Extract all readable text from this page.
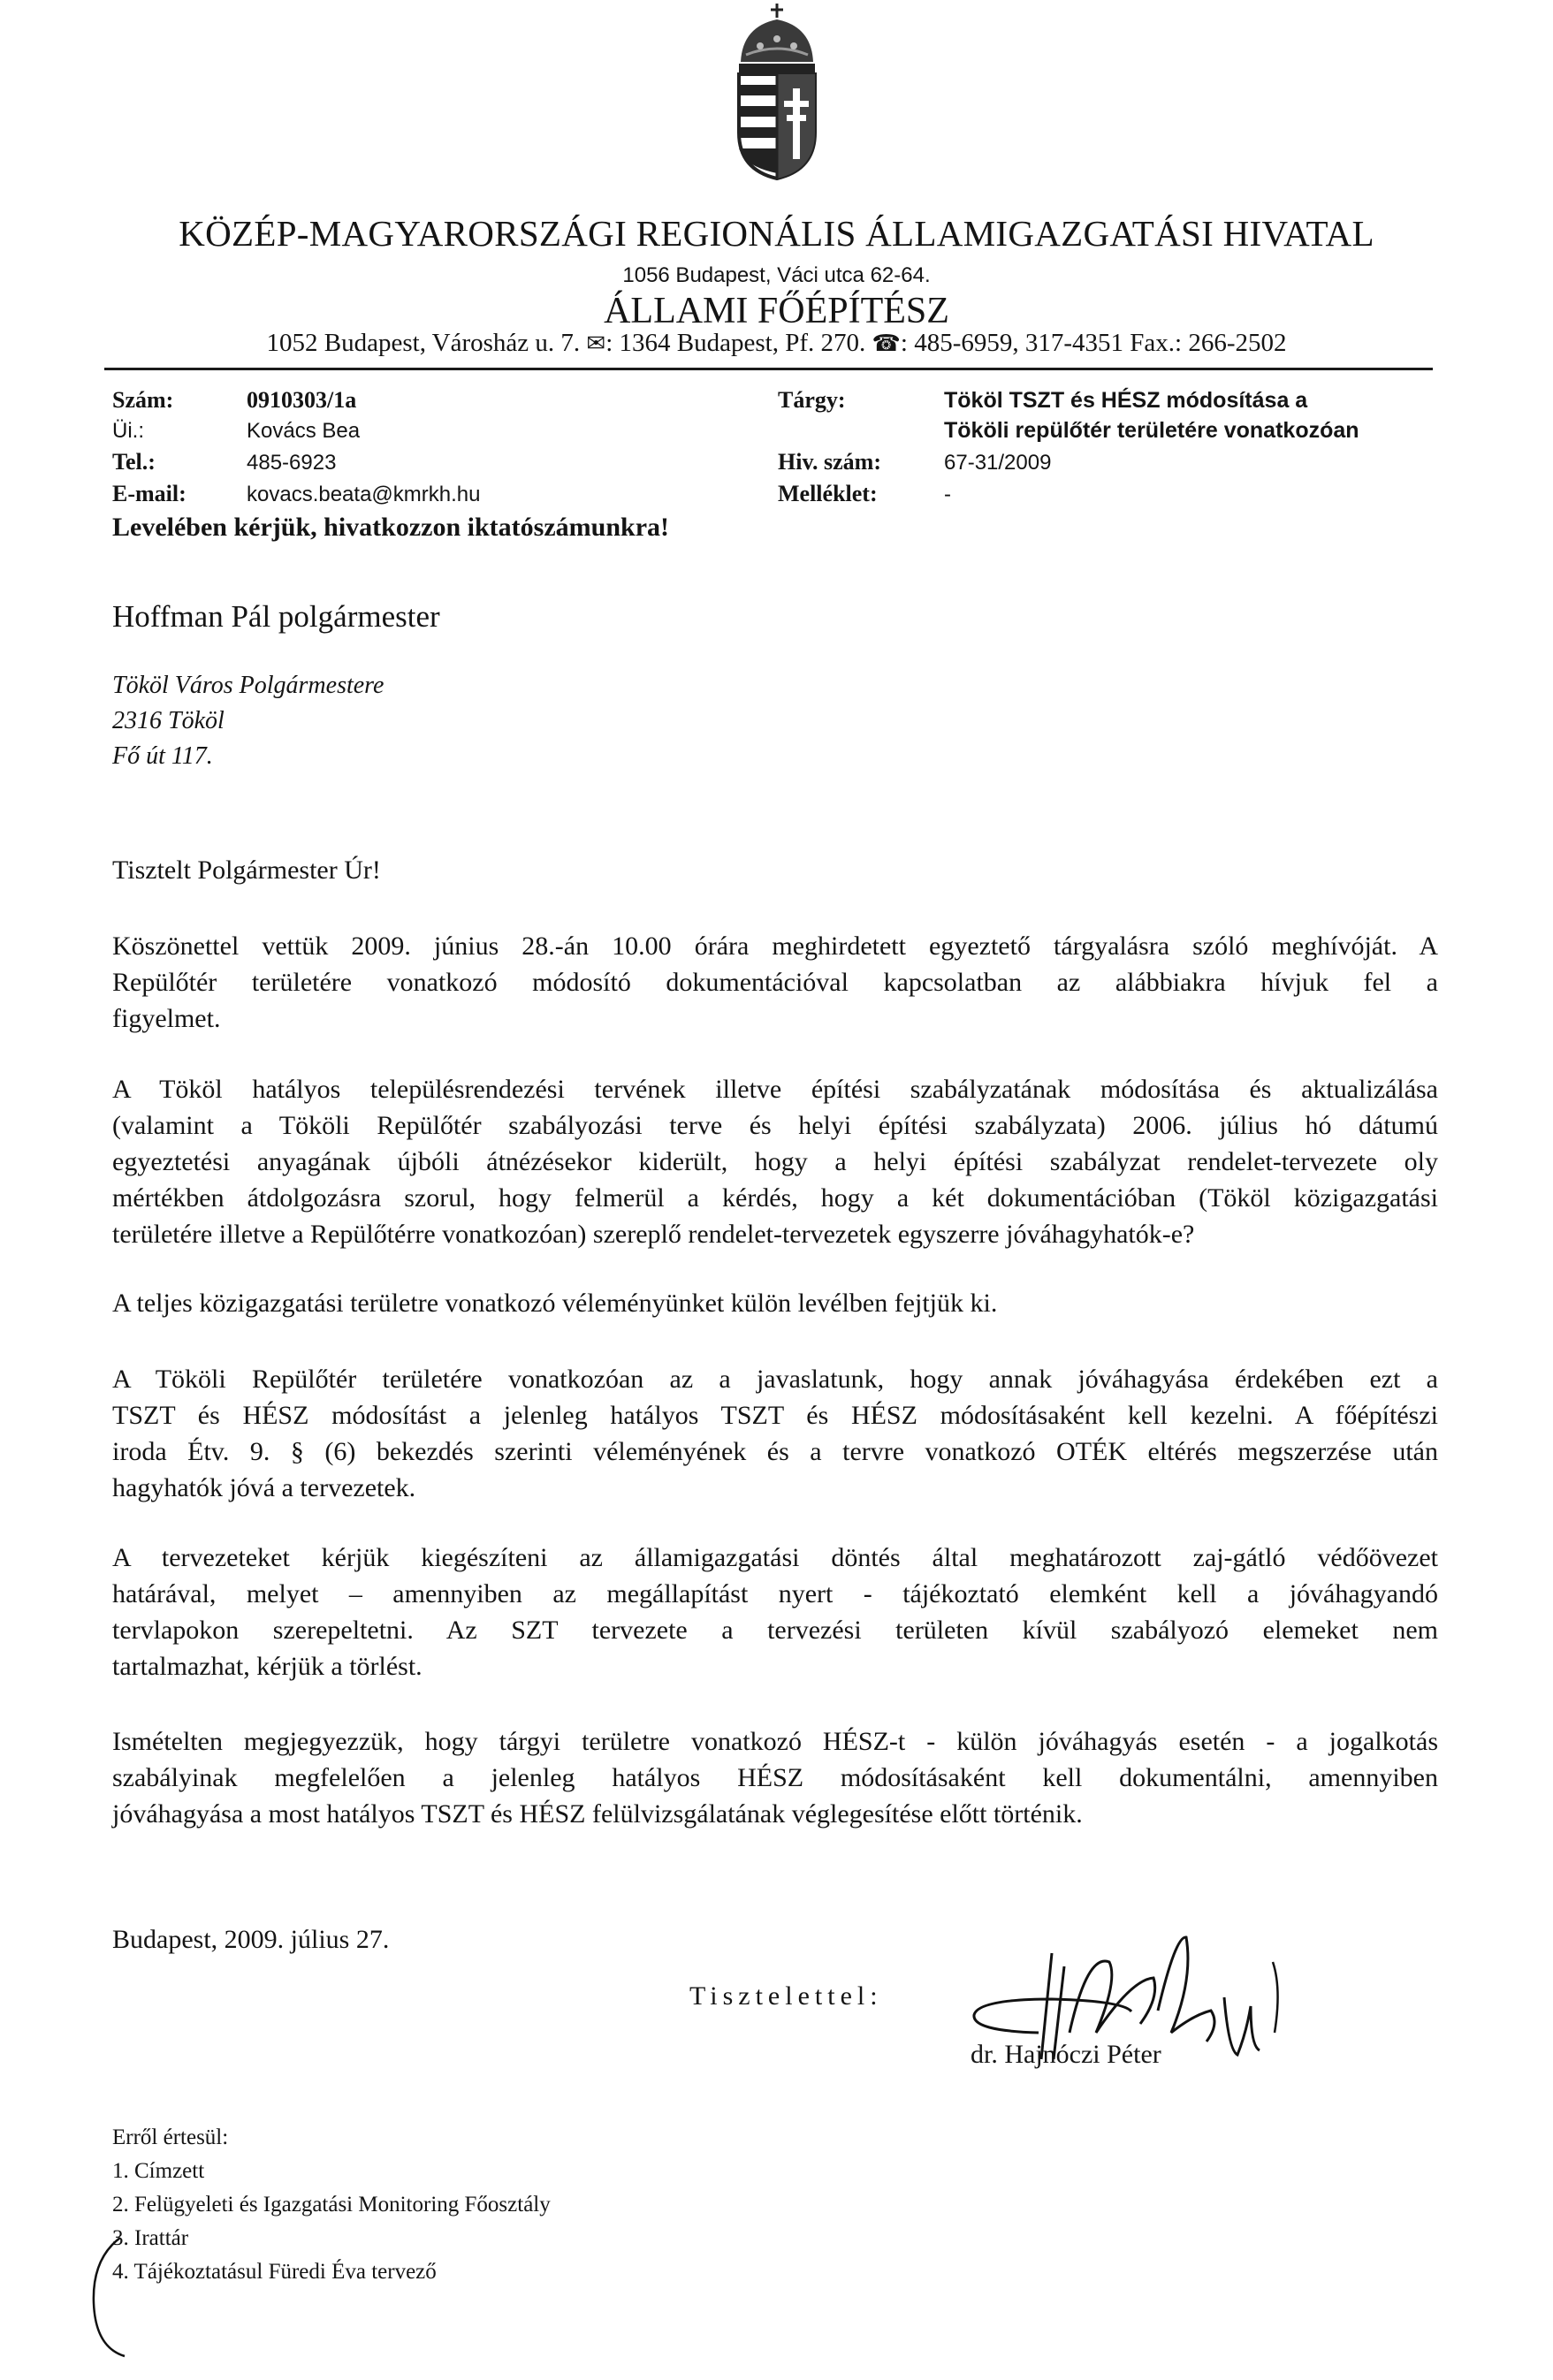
KÖZÉP-MAGYARORSZÁGI REGIONÁLIS ÁLLAMIGAZGATÁSI HIVATAL
1056 Budapest, Váci utca 62-64.
ÁLLAMI FŐÉPÍTÉSZ
1052 Budapest, Városház u. 7. ✉: 1364 Budapest, Pf. 270. ☎: 485-6959, 317-4351 Fax.: 266-2502
Szám:	0910303/1a
Üi.:	Kovács Bea
Tel.:	485-6923
E-mail:	kovacs.beata@kmrkh.hu
Levelében kérjük, hivatkozzon iktatószámunkra!
Tárgy:	Tököl TSZT és HÉSZ módosítása a
Tököli repülőtér területére vonatkozóan
Hiv. szám:	67-31/2009
Melléklet:	-
Hoffman Pál polgármester
Tököl Város Polgármestere
2316 Tököl
Fő út 117.
Tisztelt Polgármester Úr!
Köszönettel vettük 2009. június 28.-án 10.00 órára meghirdetett egyeztető tárgyalásra szóló meghívóját. A
Repülőtér területére vonatkozó módosító dokumentációval kapcsolatban az alábbiakra hívjuk fel a
figyelmet.
A Tököl hatályos településrendezési tervének illetve építési szabályzatának módosítása és aktualizálása
(valamint a Tököli Repülőtér szabályozási terve és helyi építési szabályzata) 2006. július hó dátumú
egyeztetési anyagának újbóli átnézésekor kiderült, hogy a helyi építési szabályzat rendelet-tervezete oly
mértékben átdolgozásra szorul, hogy felmerül a kérdés, hogy a két dokumentációban (Tököl közigazgatási
területére illetve a Repülőtérre vonatkozóan) szereplő rendelet-tervezetek egyszerre jóváhagyhatók-e?
A teljes közigazgatási területre vonatkozó véleményünket külön levélben fejtjük ki.
A Tököli Repülőtér területére vonatkozóan az a javaslatunk, hogy annak jóváhagyása érdekében ezt a
TSZT és HÉSZ módosítást a jelenleg hatályos TSZT és HÉSZ módosításaként kell kezelni. A főépítészi
iroda Étv. 9. § (6) bekezdés szerinti véleményének és a tervre vonatkozó OTÉK eltérés megszerzése után
hagyhatók jóvá a tervezetek.
A tervezeteket kérjük kiegészíteni az államigazgatási döntés által meghatározott zaj-gátló védőövezet
határával, melyet – amennyiben az megállapítást nyert - tájékoztató elemként kell a jóváhagyandó
tervlapokon szerepeltetni. Az SZT tervezete a tervezési területen kívül szabályozó elemeket nem
tartalmazhat, kérjük a törlést.
Ismételten megjegyezzük, hogy tárgyi területre vonatkozó HÉSZ-t - külön jóváhagyás esetén - a jogalkotás
szabályinak megfelelően a jelenleg hatályos HÉSZ módosításaként kell dokumentálni, amennyiben
jóváhagyása a most hatályos TSZT és HÉSZ felülvizsgálatának véglegesítése előtt történik.
Budapest, 2009. július 27.
Tisztelettel:
dr. Hajnóczi Péter
Erről értesül:
1. Címzett
2. Felügyeleti és Igazgatási Monitoring Főosztály
3. Irattár
4. Tájékoztatásul Füredi Éva tervező
